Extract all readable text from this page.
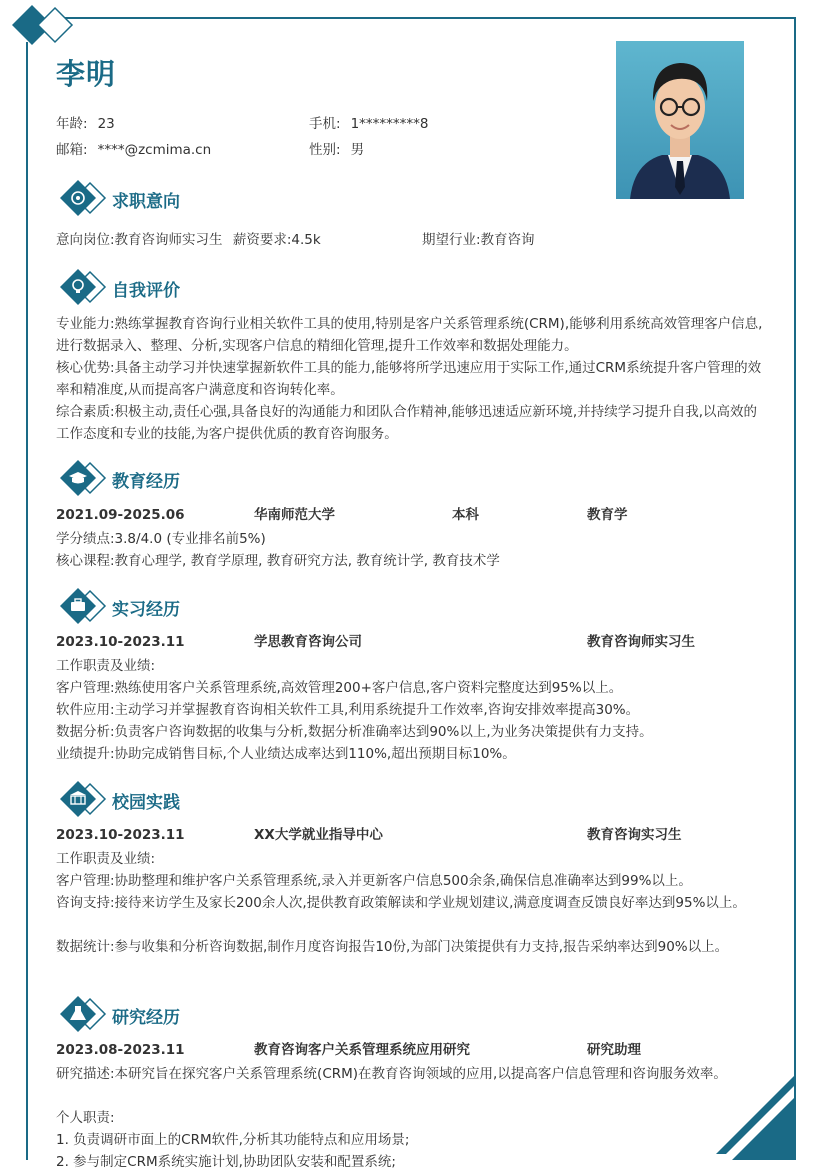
李明
年龄: 23	手机: 1*********8
邮箱: ****@zcmima.cn	性别: 男
求职意向
意向岗位:教育咨询师实习生 薪资要求:4.5k	期望行业:教育咨询
自我评价
专业能力:熟练掌握教育咨询行业相关软件工具的使用,特别是客户关系管理系统(CRM),能够利用系统高效管理客户信息,进行数据录入、整理、分析,实现客户信息的精细化管理,提升工作效率和数据处理能力。
核心优势:具备主动学习并快速掌握新软件工具的能力,能够将所学迅速应用于实际工作,通过CRM系统提升客户管理的效率和精准度,从而提高客户满意度和咨询转化率。
综合素质:积极主动,责任心强,具备良好的沟通能力和团队合作精神,能够迅速适应新环境,并持续学习提升自我,以高效的工作态度和专业的技能,为客户提供优质的教育咨询服务。
教育经历
2021.09-2025.06	华南师范大学	本科	教育学
学分绩点:3.8/4.0 (专业排名前5%)
核心课程:教育心理学, 教育学原理, 教育研究方法, 教育统计学, 教育技术学
实习经历
2023.10-2023.11	学思教育咨询公司	教育咨询师实习生
工作职责及业绩:
客户管理:熟练使用客户关系管理系统,高效管理200+客户信息,客户资料完整度达到95%以上。
软件应用:主动学习并掌握教育咨询相关软件工具,利用系统提升工作效率,咨询安排效率提高30%。
数据分析:负责客户咨询数据的收集与分析,数据分析准确率达到90%以上,为业务决策提供有力支持。
业绩提升:协助完成销售目标,个人业绩达成率达到110%,超出预期目标10%。
校园实践
2023.10-2023.11	XX大学就业指导中心	教育咨询实习生
工作职责及业绩:
客户管理:协助整理和维护客户关系管理系统,录入并更新客户信息500余条,确保信息准确率达到99%以上。
咨询支持:接待来访学生及家长200余人次,提供教育政策解读和学业规划建议,满意度调查反馈良好率达到95%以上。
数据统计:参与收集和分析咨询数据,制作月度咨询报告10份,为部门决策提供有力支持,报告采纳率达到90%以上。
研究经历
2023.08-2023.11	教育咨询客户关系管理系统应用研究	研究助理
研究描述:本研究旨在探究客户关系管理系统(CRM)在教育咨询领域的应用,以提高客户信息管理和咨询服务效率。
个人职责:
1. 负责调研市面上的CRM软件,分析其功能特点和应用场景;
2. 参与制定CRM系统实施计划,协助团队安装和配置系统;
